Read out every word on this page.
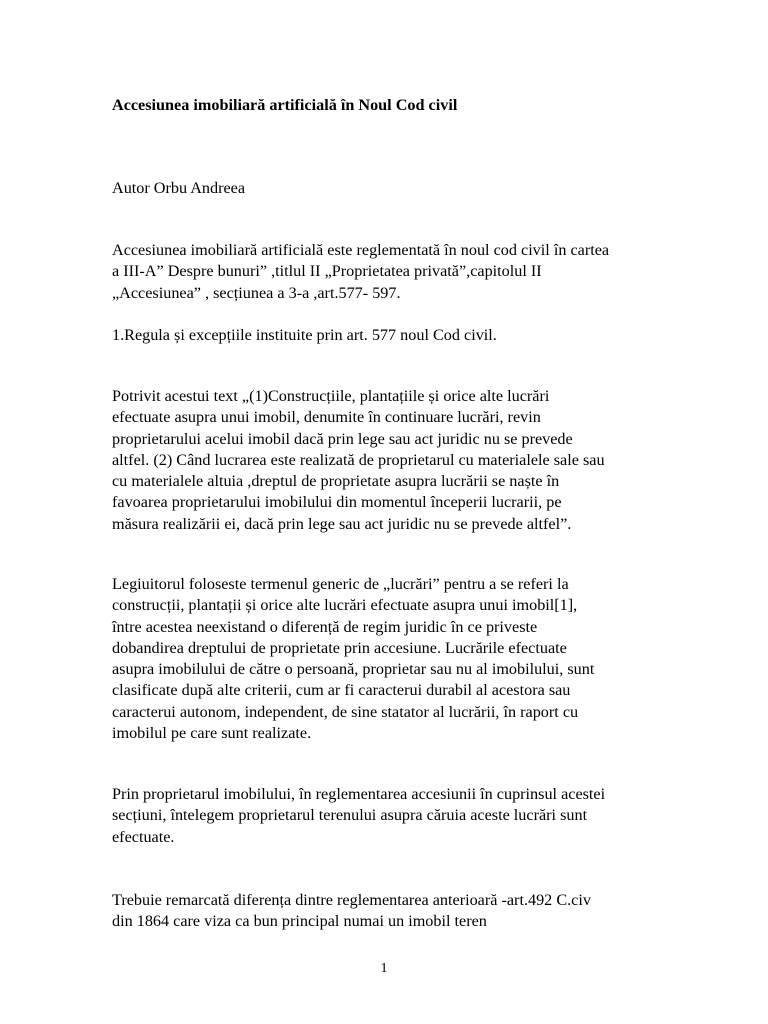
Accesiunea imobiliară artificială în Noul Cod civil

Autor Orbu Andreea

Accesiunea imobiliară artificială este reglementată în noul cod civil în cartea
a III-A” Despre bunuri” ,titlul II „Proprietatea privată”,capitolul II
„Accesiunea” , secțiunea a 3-a ,art.577- 597.

1.Regula și excepțiile instituite prin art. 577 noul Cod civil.

Potrivit acestui text „(1)Construcțiile, plantațiile și orice alte lucrări
efectuate asupra unui imobil, denumite în continuare lucrări, revin
proprietarului acelui imobil dacă prin lege sau act juridic nu se prevede
altfel. (2) Când lucrarea este realizată de proprietarul cu materialele sale sau
cu materialele altuia ,dreptul de proprietate asupra lucrării se naște în
favoarea proprietarului imobilului din momentul începerii lucrarii, pe
măsura realizării ei, dacă prin lege sau act juridic nu se prevede altfel”.

Legiuitorul foloseste termenul generic de „lucrări” pentru a se referi la
construcții, plantații și orice alte lucrări efectuate asupra unui imobil[1],
între acestea neexistand o diferență de regim juridic în ce priveste
dobandirea dreptului de proprietate prin accesiune. Lucrările efectuate
asupra imobilului de către o persoană, proprietar sau nu al imobilului, sunt
clasificate după alte criterii, cum ar fi caracterui durabil al acestora sau
caracterui autonom, independent, de sine statator al lucrării, în raport cu
imobilul pe care sunt realizate.

Prin proprietarul imobilului, în reglementarea accesiunii în cuprinsul acestei
secțiuni, întelegem proprietarul terenului asupra căruia aceste lucrări sunt
efectuate.

Trebuie remarcată diferența dintre reglementarea anterioară -art.492 C.civ
din 1864 care viza ca bun principal numai un imobil teren

1
